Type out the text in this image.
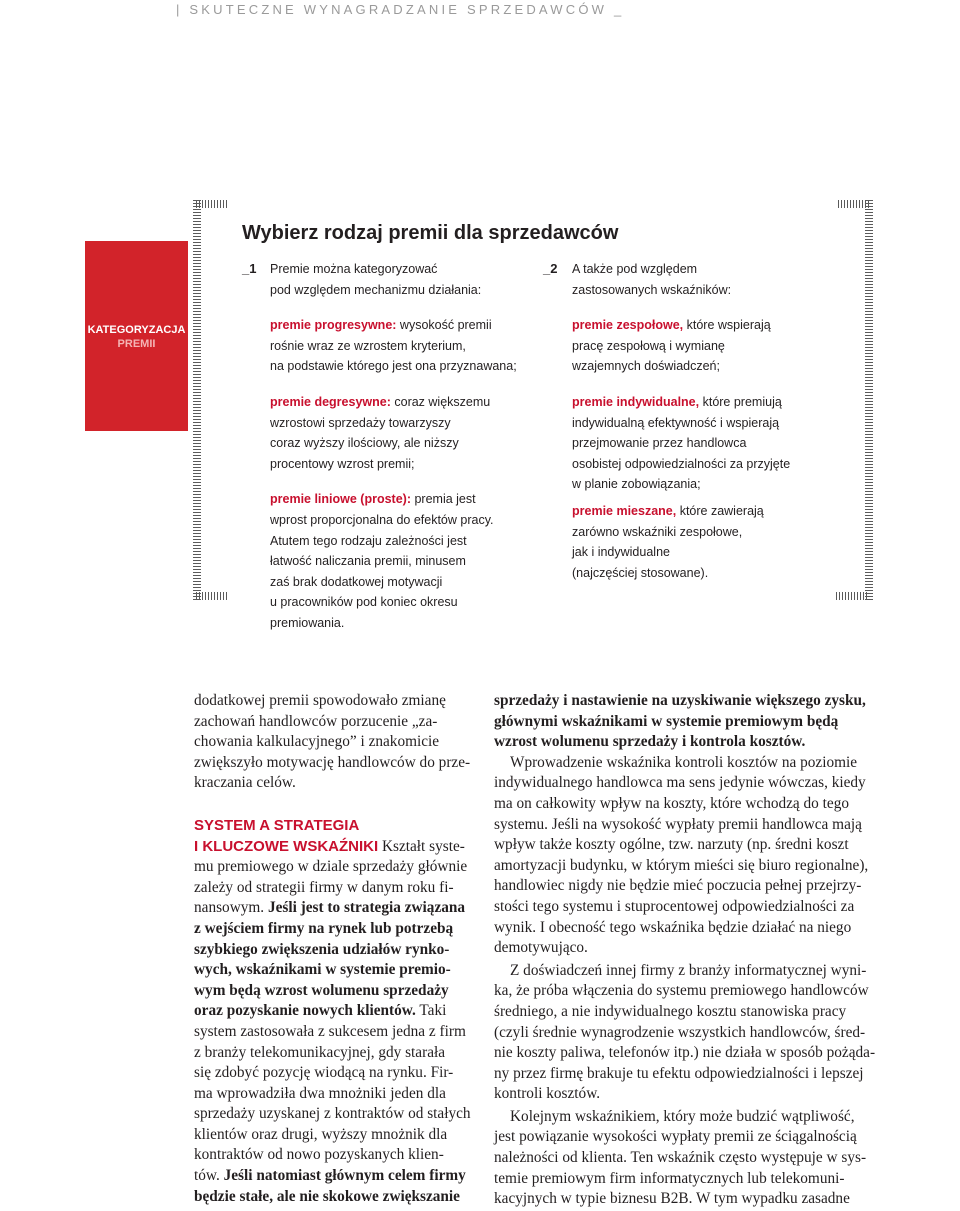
| SKUTECZNE WYNAGRADZANIE SPRZEDAWCÓW _
KATEGORYZACJA
PREMII
Wybierz rodzaj premii dla sprzedawców
_1 Premie można kategoryzować

pod względem mechanizmu działania:

premie progresywne: wysokość premii

rośnie wraz ze wzrostem kryterium,

na podstawie którego jest ona przyznawana;

premie degresywne: coraz większemu

wzrostowi sprzedaży towarzyszy

coraz wyższy ilościowy, ale niższy

procentowy wzrost premii;

premie liniowe (proste): premia jest

wprost proporcjonalna do efektów pracy.

Atutem tego rodzaju zależności jest

łatwość naliczania premii, minusem

zaś brak dodatkowej motywacji

u pracowników pod koniec okresu

premiowania.

_2 A także pod względem

zastosowanych wskaźników:

premie zespołowe, które wspierają

pracę zespołową i wymianę

wzajemnych doświadczeń;

premie indywidualne, które premiują

indywidualną efektywność i wspierają

przejmowanie przez handlowca

osobistej odpowiedzialności za przyjęte

w planie zobowiązania;

premie mieszane, które zawierają

zarówno wskaźniki zespołowe,

jak i indywidualne

(najczęściej stosowane).

dodatkowej premii spowodowało zmianę
zachowań handlowców porzucenie „za-
chowania kalkulacyjnego” i znakomicie
zwiększyło motywację handlowców do prze-
kraczania celów.
SYSTEM A STRATEGIA
I KLUCZOWE WSKAŹNIKI Kształt syste-
mu premiowego w dziale sprzedaży głównie
zależy od strategii firmy w danym roku fi-
nansowym. Jeśli jest to strategia związana
z wejściem firmy na rynek lub potrzebą
szybkiego zwiększenia udziałów rynko-
wych, wskaźnikami w systemie premio-
wym będą wzrost wolumenu sprzedaży
oraz pozyskanie nowych klientów. Taki
system zastosowała z sukcesem jedna z firm
z branży telekomunikacyjnej, gdy starała
się zdobyć pozycję wiodącą na rynku. Fir-
ma wprowadziła dwa mnożniki jeden dla
sprzedaży uzyskanej z kontraktów od stałych
klientów oraz drugi, wyższy mnożnik dla
kontraktów od nowo pozyskanych klien-
tów. Jeśli natomiast głównym celem firmy
będzie stałe, ale nie skokowe zwiększanie
sprzedaży i nastawienie na uzyskiwanie większego zysku,
głównymi wskaźnikami w systemie premiowym będą
wzrost wolumenu sprzedaży i kontrola kosztów.
Wprowadzenie wskaźnika kontroli kosztów na poziomie
indywidualnego handlowca ma sens jedynie wówczas, kiedy
ma on całkowity wpływ na koszty, które wchodzą do tego
systemu. Jeśli na wysokość wypłaty premii handlowca mają
wpływ także koszty ogólne, tzw. narzuty (np. średni koszt
amortyzacji budynku, w którym mieści się biuro regionalne),
handlowiec nigdy nie będzie mieć poczucia pełnej przejrzy-
stości tego systemu i stuprocentowej odpowiedzialności za
wynik. I obecność tego wskaźnika będzie działać na niego
demotywująco.
Z doświadczeń innej firmy z branży informatycznej wyni-
ka, że próba włączenia do systemu premiowego handlowców
średniego, a nie indywidualnego kosztu stanowiska pracy
(czyli średnie wynagrodzenie wszystkich handlowców, śred-
nie koszty paliwa, telefonów itp.) nie działa w sposób pożąda-
ny przez firmę brakuje tu efektu odpowiedzialności i lepszej
kontroli kosztów.
Kolejnym wskaźnikiem, który może budzić wątpliwość,
jest powiązanie wysokości wypłaty premii ze ściągalnością
należności od klienta. Ten wskaźnik często występuje w sys-
temie premiowym firm informatycznych lub telekomuni-
kacyjnych w typie biznesu B2B. W tym wypadku zasadne
